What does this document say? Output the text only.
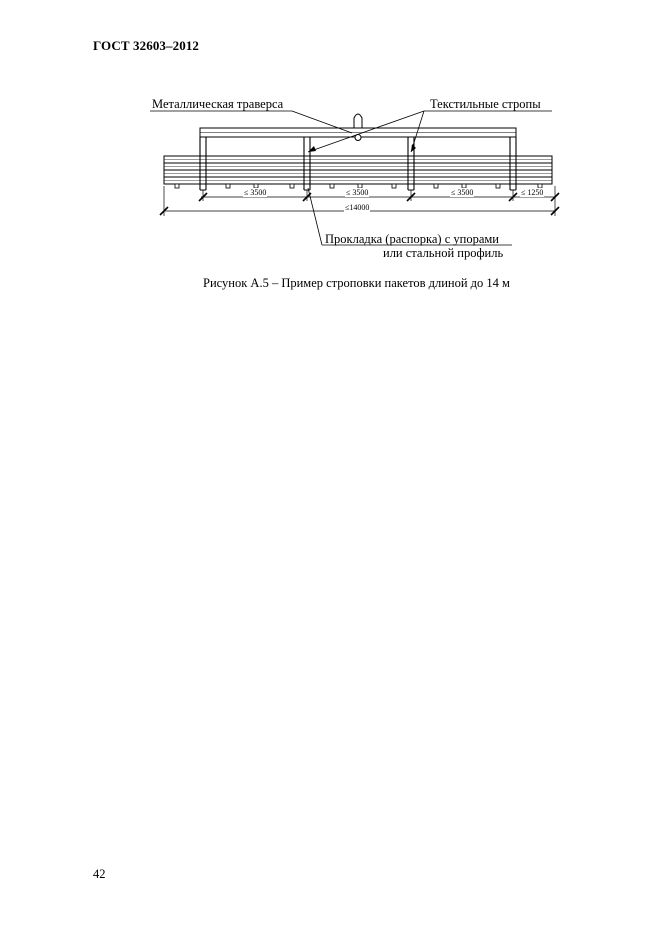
ГОСТ 32603–2012
Металлическая траверса	Текстильные стропы
Прокладка (распорка) с упорами
или стальной профиль
≤ 3500	≤ 3500	≤ 3500	≤ 1250
≤14000
Рисунок А.5 – Пример строповки пакетов длиной до 14 м
42
